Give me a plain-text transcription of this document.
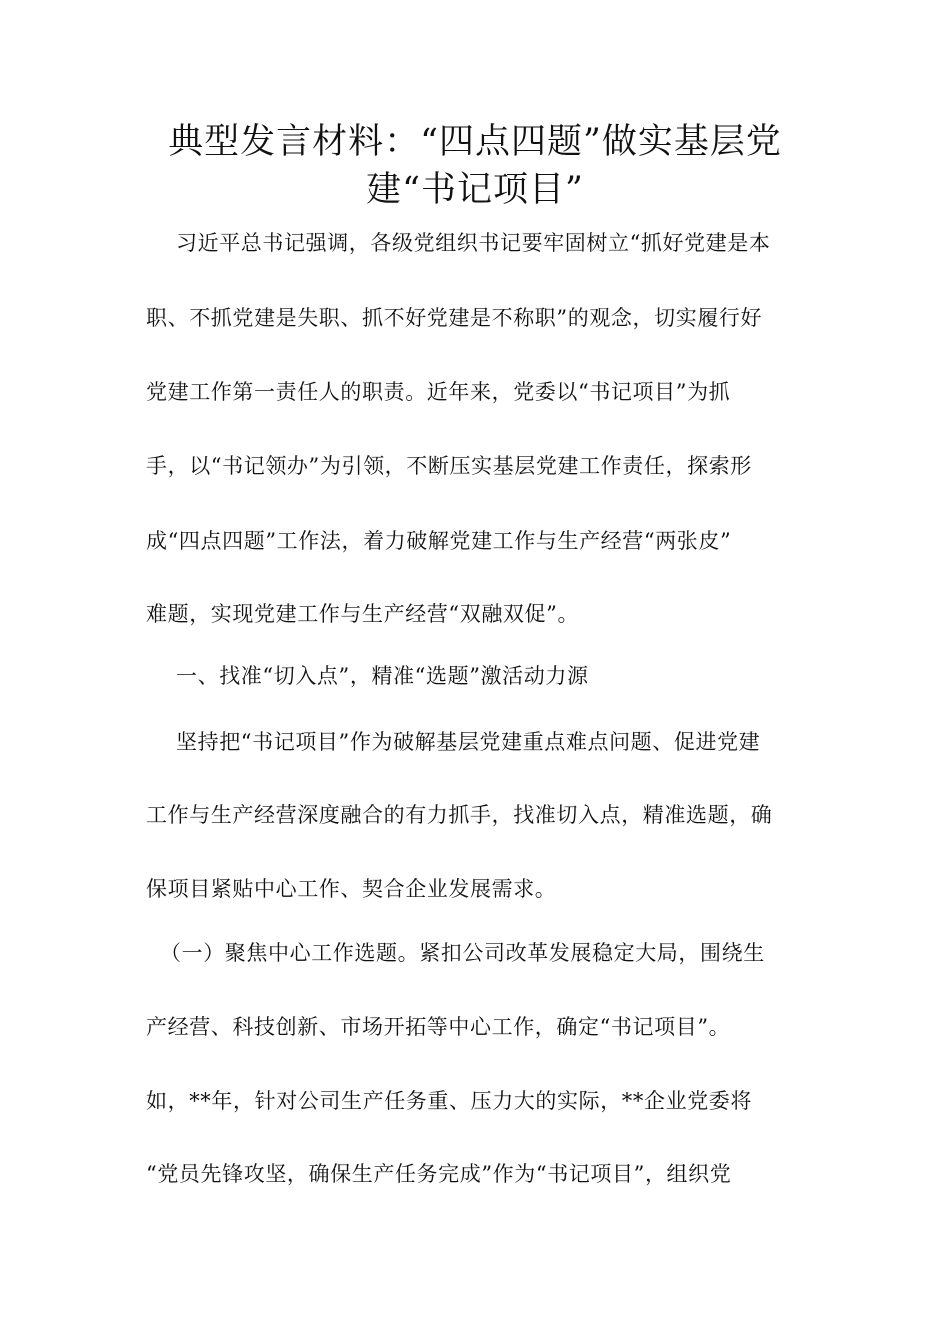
典型发言材料：“四点四题”做实基层党
建“书记项目”
习近平总书记强调，各级党组织书记要牢固树立“抓好党建是本
职、不抓党建是失职、抓不好党建是不称职”的观念，切实履行好
党建工作第一责任人的职责。近年来，党委以“书记项目”为抓
手，以“书记领办”为引领，不断压实基层党建工作责任，探索形
成“四点四题”工作法，着力破解党建工作与生产经营“两张皮”
难题，实现党建工作与生产经营“双融双促”。
一、找准“切入点”，精准“选题”激活动力源
坚持把“书记项目”作为破解基层党建重点难点问题、促进党建
工作与生产经营深度融合的有力抓手，找准切入点，精准选题，确
保项目紧贴中心工作、契合企业发展需求。
（一）聚焦中心工作选题。紧扣公司改革发展稳定大局，围绕生
产经营、科技创新、市场开拓等中心工作，确定“书记项目”。
如，**年，针对公司生产任务重、压力大的实际，**企业党委将
“党员先锋攻坚，确保生产任务完成”作为“书记项目”，组织党
